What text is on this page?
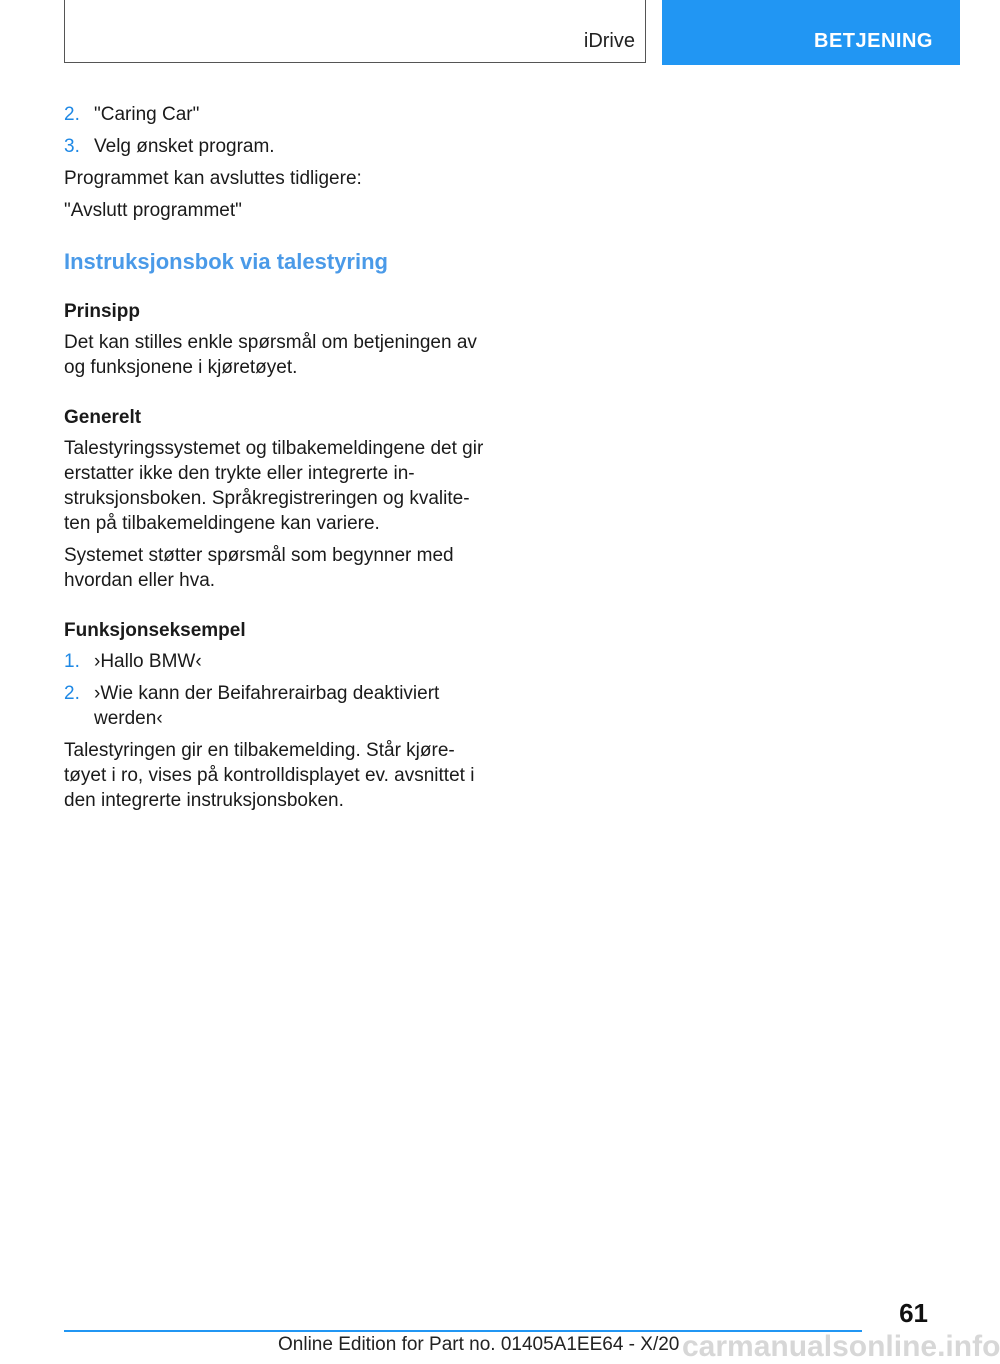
iDrive	BETJENING
2. "Caring Car"
3. Velg ønsket program.

Programmet kan avsluttes tidligere:

"Avslutt programmet"

Instruksjonsbok via talestyring
Prinsipp

Det kan stilles enkle spørsmål om betjeningen av og funksjonene i kjøretøyet.

Generelt

Talestyringssystemet og tilbakemeldingene det gir erstatter ikke den trykte eller integrerte instruksjonsboken. Språkregistreringen og kvaliteten på tilbakemeldingene kan variere.

Systemet støtter spørsmål som begynner med hvordan eller hva.

Funksjonseksempel
1. ›Hallo BMW‹
2. ›Wie kann der Beifahrerairbag deaktiviert werden‹

Talestyringen gir en tilbakemelding. Står kjøretøyet i ro, vises på kontrolldisplayet ev. avsnittet i den integrerte instruksjonsboken.

61
Online Edition for Part no. 01405A1EE64 - X/20 carmanualsonline.info
